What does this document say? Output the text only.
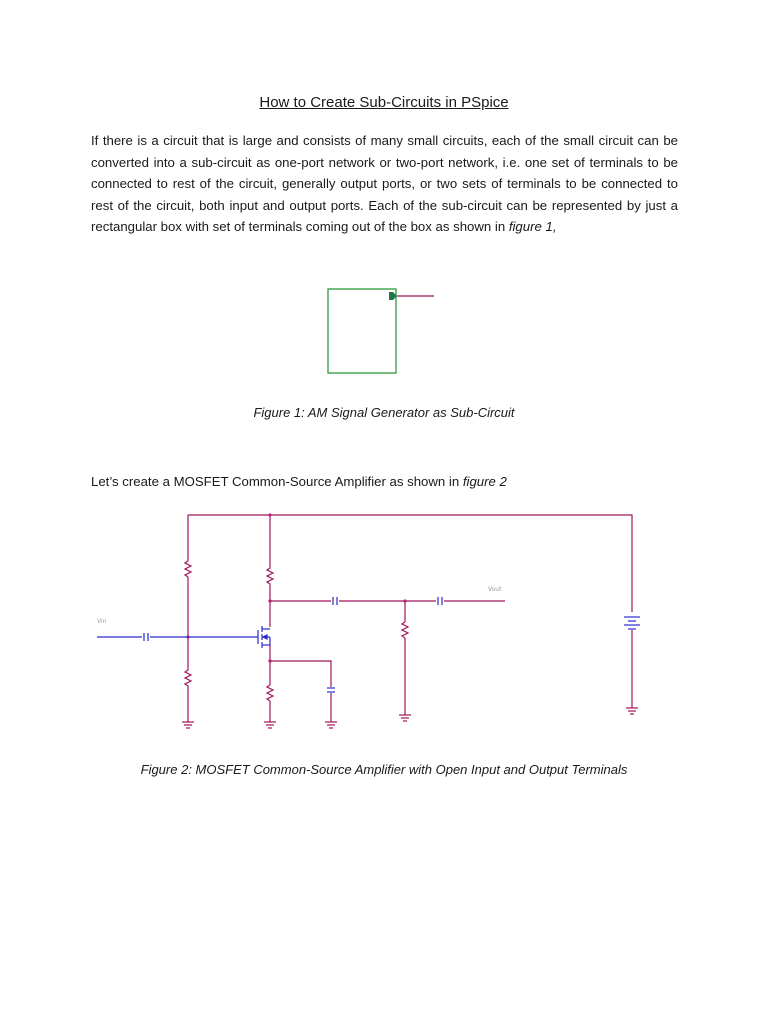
How to Create Sub-Circuits in PSpice
If there is a circuit that is large and consists of many small circuits, each of the small circuit can be converted into a sub-circuit as one-port network or two-port network, i.e. one set of terminals to be connected to rest of the circuit, generally output ports, or two sets of terminals to be connected to rest of the circuit, both input and output ports. Each of the sub-circuit can be represented by just a rectangular box with set of terminals coming out of the box as shown in figure 1,
Figure 1: AM Signal Generator as Sub-Circuit
Let’s create a MOSFET Common-Source Amplifier as shown in figure 2
Vin
Vout
Figure 2: MOSFET Common-Source Amplifier with Open Input and Output Terminals
